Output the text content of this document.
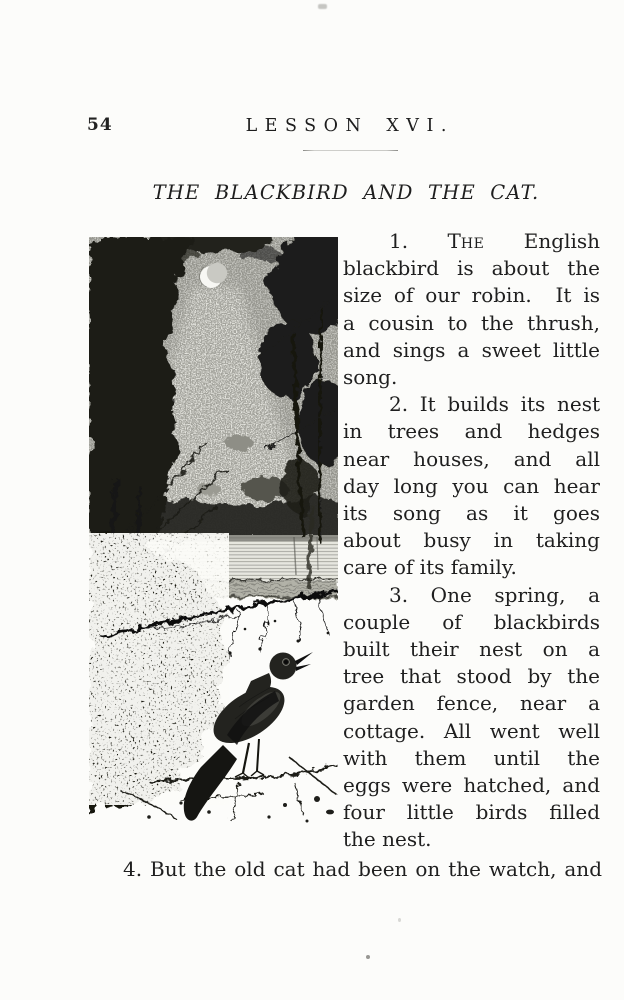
54	LESSON XVI.
THE BLACKBIRD AND THE CAT.
1. The English
blackbird is about the
size of our robin.  It is
a cousin to the thrush,
and sings a sweet little
song.
2. It builds its nest
in trees and hedges
near houses, and all
day long you can hear
its song as it goes
about busy in taking
care of its family.
3. One spring, a
couple of blackbirds
built their nest on a
tree that stood by the
garden fence, near a
cottage. All went well
with them until the
eggs were hatched, and
four little birds filled
the nest.
4. But the old cat had been on the watch, and
